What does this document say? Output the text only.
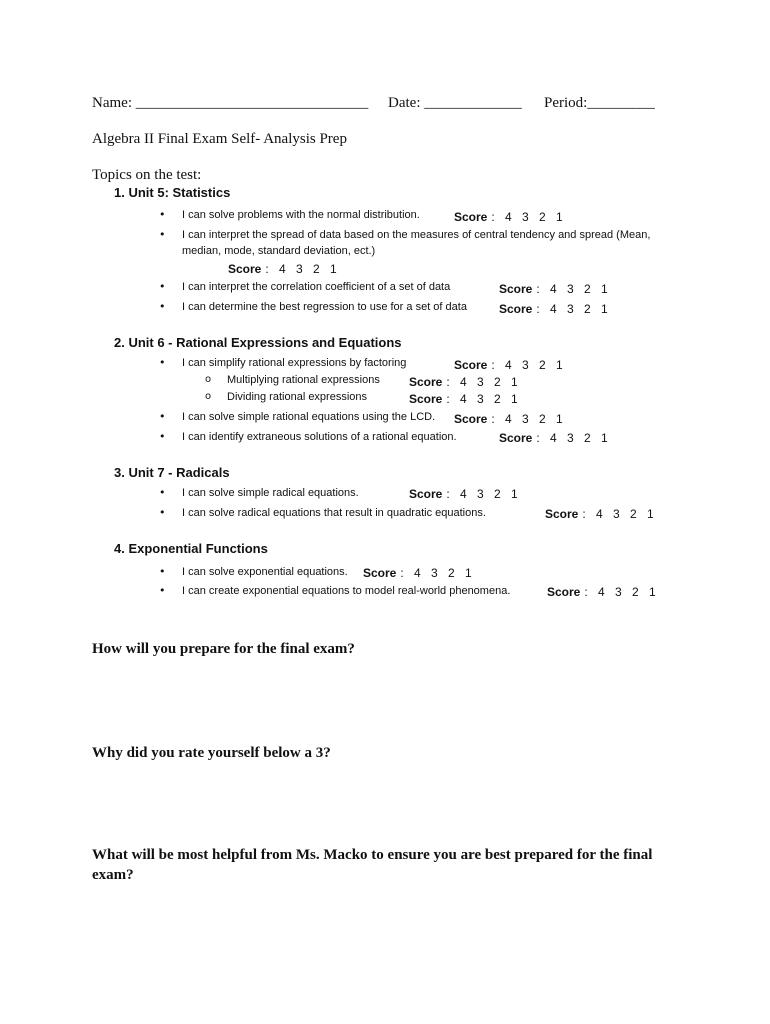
Name: _______________________________ Date: _____________ Period:_________
Algebra II Final Exam Self- Analysis Prep
Topics on the test:
1. Unit 5: Statistics
• I can solve problems with the normal distribution.	Score : 4 3 2 1
• I can interpret the spread of data based on the measures of central tendency and spread (Mean,
median, mode, standard deviation, ect.)
Score : 4 3 2 1
• I can interpret the correlation coefficient of a set of data	Score : 4 3 2 1
• I can determine the best regression to use for a set of data	Score : 4 3 2 1
2. Unit 6 - Rational Expressions and Equations
• I can simplify rational expressions by factoring	Score : 4 3 2 1
o Multiplying rational expressions Score : 4 3 2 1
o Dividing rational expressions	Score : 4 3 2 1
• I can solve simple rational equations using the LCD. Score : 4 3 2 1
• I can identify extraneous solutions of a rational equation.	Score : 4 3 2 1
3. Unit 7 - Radicals
• I can solve simple radical equations.	Score : 4 3 2 1
• I can solve radical equations that result in quadratic equations.	Score : 4 3 2 1
4. Exponential Functions
• I can solve exponential equations. Score : 4 3 2 1
• I can create exponential equations to model real-world phenomena.	Score : 4 3 2 1
How will you prepare for the final exam?
Why did you rate yourself below a 3?
What will be most helpful from Ms. Macko to ensure you are best prepared for the final
exam?
